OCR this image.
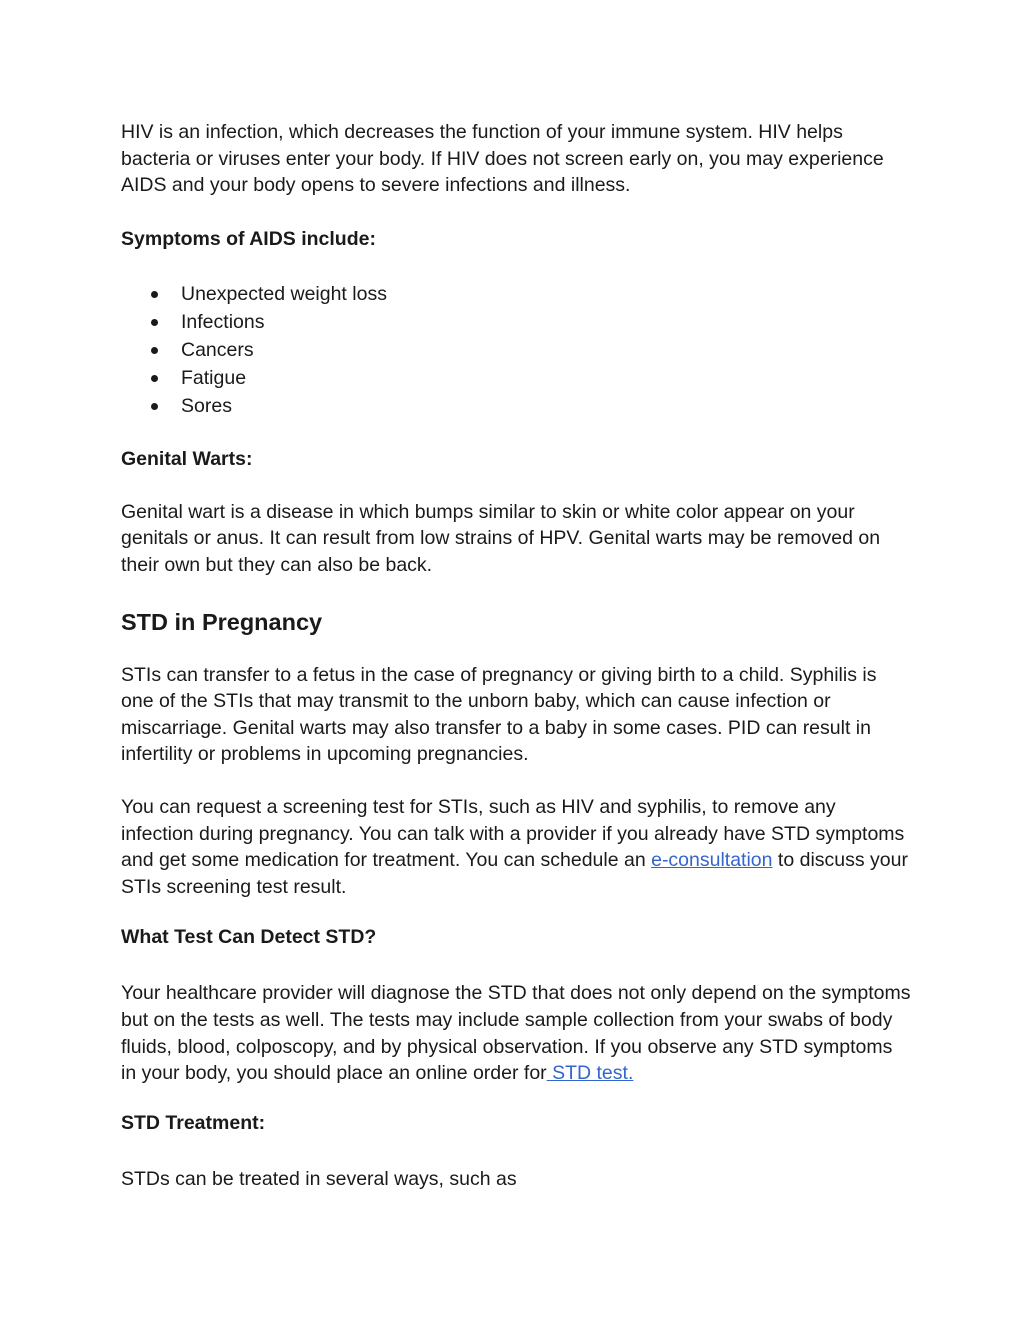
HIV is an infection, which decreases the function of your immune system. HIV helps bacteria or viruses enter your body. If HIV does not screen early on, you may experience AIDS and your body opens to severe infections and illness.

Symptoms of AIDS include:
Unexpected weight loss
Infections
Cancers
Fatigue
Sores
Genital Warts:

Genital wart is a disease in which bumps similar to skin or white color appear on your genitals or anus. It can result from low strains of HPV. Genital warts may be removed on their own but they can also be back.

STD in Pregnancy

STIs can transfer to a fetus in the case of pregnancy or giving birth to a child. Syphilis is one of the STIs that may transmit to the unborn baby, which can cause infection or miscarriage. Genital warts may also transfer to a baby in some cases. PID can result in infertility or problems in upcoming pregnancies.

You can request a screening test for STIs, such as HIV and syphilis, to remove any infection during pregnancy. You can talk with a provider if you already have STD symptoms and get some medication for treatment. You can schedule an e-consultation to discuss your STIs screening test result.

What Test Can Detect STD?

Your healthcare provider will diagnose the STD that does not only depend on the symptoms but on the tests as well. The tests may include sample collection from your swabs of body fluids, blood, colposcopy, and by physical observation. If you observe any STD symptoms in your body, you should place an online order for STD test.

STD Treatment:

STDs can be treated in several ways, such as
